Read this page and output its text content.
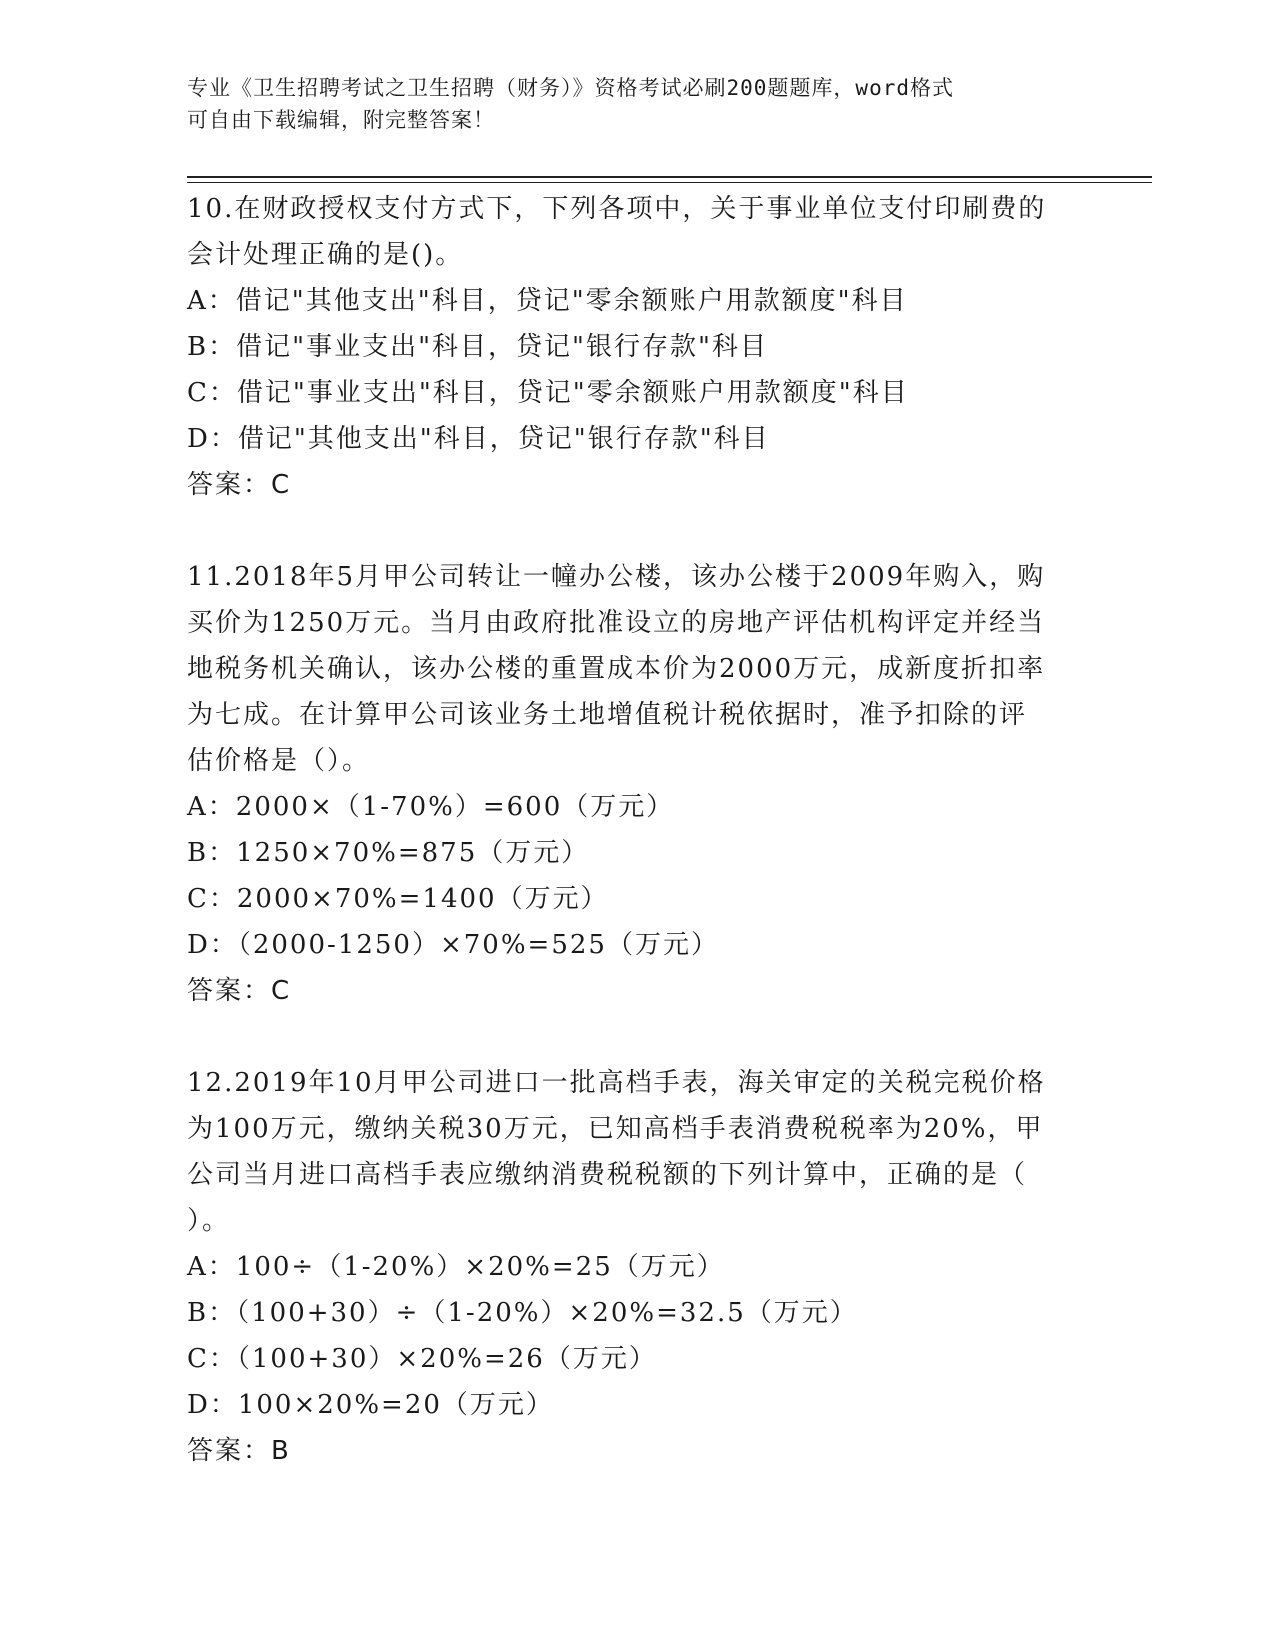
专业《卫生招聘考试之卫生招聘（财务）》资格考试必刷200题题库，word格式
可自由下载编辑，附完整答案！

10.在财政授权支付方式下，下列各项中，关于事业单位支付印刷费的

会计处理正确的是()。

A：借记"其他支出"科目，贷记"零余额账户用款额度"科目

B：借记"事业支出"科目，贷记"银行存款"科目

C：借记"事业支出"科目，贷记"零余额账户用款额度"科目

D：借记"其他支出"科目，贷记"银行存款"科目

答案：C

11.2018年5月甲公司转让一幢办公楼，该办公楼于2009年购入，购

买价为1250万元。当月由政府批准设立的房地产评估机构评定并经当

地税务机关确认，该办公楼的重置成本价为2000万元，成新度折扣率

为七成。在计算甲公司该业务土地增值税计税依据时，准予扣除的评

估价格是（）。

A：2000×（1-70%）=600（万元）

B：1250×70%=875（万元）

C：2000×70%=1400（万元）

D：（2000-1250）×70%=525（万元）

答案：C

12.2019年10月甲公司进口一批高档手表，海关审定的关税完税价格

为100万元，缴纳关税30万元，已知高档手表消费税税率为20%，甲

公司当月进口高档手表应缴纳消费税税额的下列计算中，正确的是（

）。

A：100÷（1-20%）×20%=25（万元）

B：（100+30）÷（1-20%）×20%=32.5（万元）

C：（100+30）×20%=26（万元）

D：100×20%=20（万元）

答案：B
